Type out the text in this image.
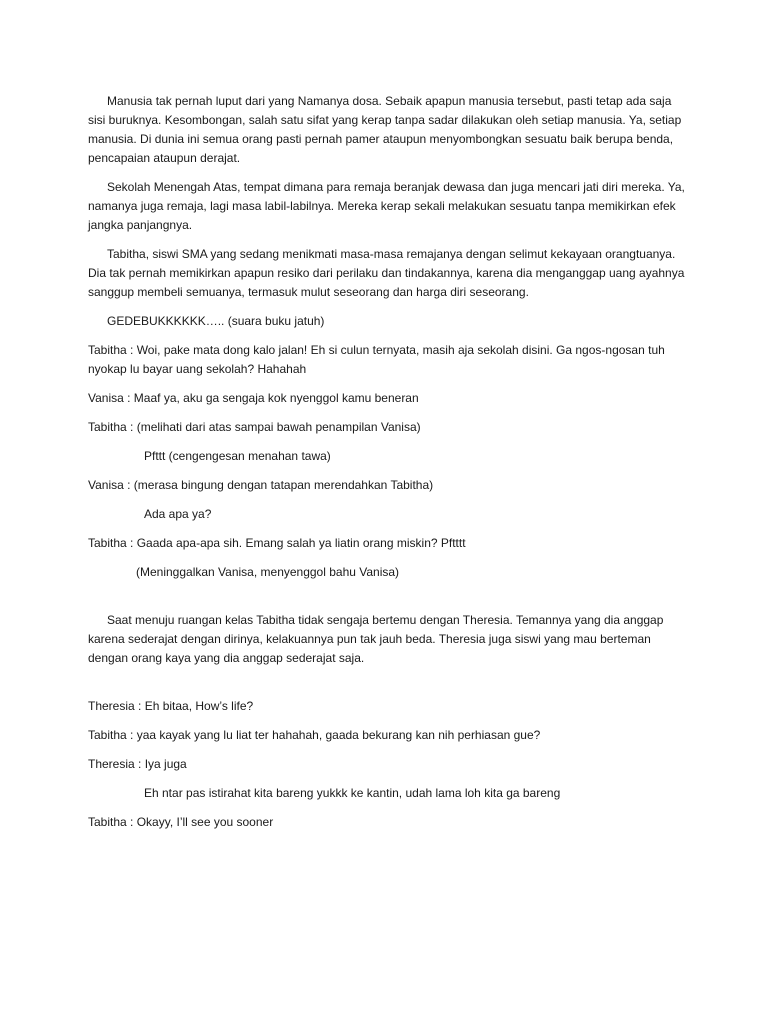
Manusia tak pernah luput dari yang Namanya dosa. Sebaik apapun manusia tersebut, pasti tetap ada saja sisi buruknya. Kesombongan, salah satu sifat yang kerap tanpa sadar dilakukan oleh setiap manusia. Ya, setiap manusia. Di dunia ini semua orang pasti pernah pamer ataupun menyombongkan sesuatu baik berupa benda, pencapaian ataupun derajat.

Sekolah Menengah Atas, tempat dimana para remaja beranjak dewasa dan juga mencari jati diri mereka. Ya, namanya juga remaja, lagi masa labil-labilnya. Mereka kerap sekali melakukan sesuatu tanpa memikirkan efek jangka panjangnya.

Tabitha, siswi SMA yang sedang menikmati masa-masa remajanya dengan selimut kekayaan orangtuanya. Dia tak pernah memikirkan apapun resiko dari perilaku dan tindakannya, karena dia menganggap uang ayahnya sanggup membeli semuanya, termasuk mulut seseorang dan harga diri seseorang.

GEDEBUKKKKKK….. (suara buku jatuh)

Tabitha : Woi, pake mata dong kalo jalan! Eh si culun ternyata, masih aja sekolah disini. Ga ngos-ngosan tuh nyokap lu bayar uang sekolah? Hahahah

Vanisa : Maaf ya, aku ga sengaja kok nyenggol kamu beneran

Tabitha : (melihati dari atas sampai bawah penampilan Vanisa)

Pfttt (cengengesan menahan tawa)

Vanisa : (merasa bingung dengan tatapan merendahkan Tabitha)

Ada apa ya?

Tabitha : Gaada apa-apa sih. Emang salah ya liatin orang miskin? Pftttt

(Meninggalkan Vanisa, menyenggol bahu Vanisa)

Saat menuju ruangan kelas Tabitha tidak sengaja bertemu dengan Theresia. Temannya yang dia anggap karena sederajat dengan dirinya, kelakuannya pun tak jauh beda. Theresia juga siswi yang mau berteman dengan orang kaya yang dia anggap sederajat saja.

Theresia : Eh bitaa, How’s life?

Tabitha : yaa kayak yang lu liat ter hahahah, gaada bekurang kan nih perhiasan gue?

Theresia : Iya juga

Eh ntar pas istirahat kita bareng yukkk ke kantin, udah lama loh kita ga bareng

Tabitha : Okayy, I’ll see you sooner
